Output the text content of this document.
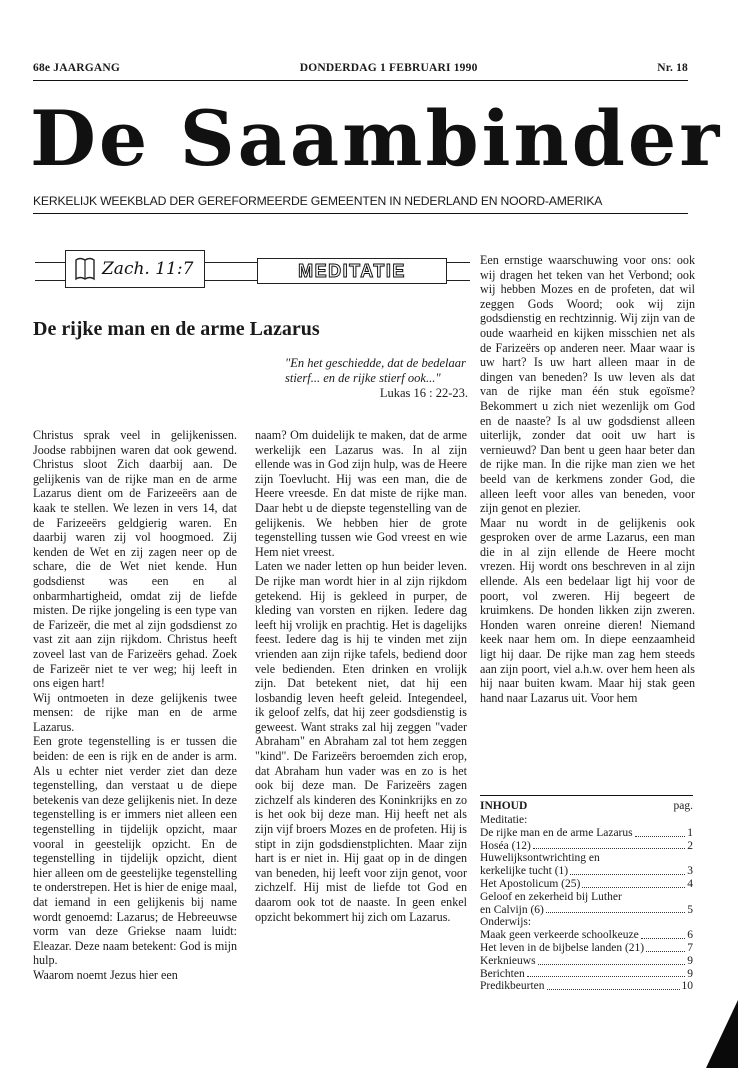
68e JAARGANG	DONDERDAG 1 FEBRUARI 1990	Nr. 18
De Saambinder
KERKELIJK WEEKBLAD DER GEREFORMEERDE GEMEENTEN IN NEDERLAND EN NOORD-AMERIKA
Zach. 11:7	MEDITATIE
De rijke man en de arme Lazarus
"En het geschiedde, dat de bedelaar stierf... en de rijke stierf ook..."
Lukas 16 : 22-23.

Christus sprak veel in gelijkenissen. Joodse rabbijnen waren dat ook gewend. Christus sloot Zich daarbij aan. De gelijkenis van de rijke man en de arme Lazarus dient om de Farizeeërs aan de kaak te stellen. We lezen in vers 14, dat de Farizeeërs geldgierig waren. En daarbij waren zij vol hoogmoed. Zij kenden de Wet en zij zagen neer op de schare, die de Wet niet kende. Hun godsdienst was een en al onbarmhartigheid, omdat zij de liefde misten. De rijke jongeling is een type van de Farizeër, die met al zijn godsdienst zo vast zit aan zijn rijkdom. Christus heeft zoveel last van de Farizeërs gehad. Zoek de Farizeër niet te ver weg; hij leeft in ons eigen hart!

Wij ontmoeten in deze gelijkenis twee mensen: de rijke man en de arme Lazarus.

Een grote tegenstelling is er tussen die beiden: de een is rijk en de ander is arm. Als u echter niet verder ziet dan deze tegenstelling, dan verstaat u de diepe betekenis van deze gelijkenis niet. In deze tegenstelling is er immers niet alleen een tegenstelling in tijdelijk opzicht, maar vooral in geestelijk opzicht. En de tegenstelling in tijdelijk opzicht, dient hier alleen om de geestelijke tegenstelling te onderstrepen. Het is hier de enige maal, dat iemand in een gelijkenis bij name wordt genoemd: Lazarus; de Hebreeuwse vorm van deze Griekse naam luidt: Eleazar. Deze naam betekent: God is mijn hulp.

Waarom noemt Jezus hier een

naam? Om duidelijk te maken, dat de arme werkelijk een Lazarus was. In al zijn ellende was in God zijn hulp, was de Heere zijn Toevlucht. Hij was een man, die de Heere vreesde. En dat miste de rijke man. Daar hebt u de diepste tegenstelling van de gelijkenis. We hebben hier de grote tegenstelling tussen wie God vreest en wie Hem niet vreest.

Laten we nader letten op hun beider leven. De rijke man wordt hier in al zijn rijkdom getekend. Hij is gekleed in purper, de kleding van vorsten en rijken. Iedere dag leeft hij vrolijk en prachtig. Het is dagelijks feest. Iedere dag is hij te vinden met zijn vrienden aan zijn rijke tafels, bediend door vele bedienden. Eten drinken en vrolijk zijn. Dat betekent niet, dat hij een losbandig leven heeft geleid. Integendeel, ik geloof zelfs, dat hij zeer godsdienstig is geweest. Want straks zal hij zeggen "vader Abraham" en Abraham zal tot hem zeggen "kind". De Farizeërs beroemden zich erop, dat Abraham hun vader was en zo is het ook bij deze man. De Farizeërs zagen zichzelf als kinderen des Koninkrijks en zo is het ook bij deze man. Hij heeft net als zijn vijf broers Mozes en de profeten. Hij is stipt in zijn godsdienstplichten. Maar zijn hart is er niet in. Hij gaat op in de dingen van beneden, hij leeft voor zijn genot, voor zichzelf. Hij mist de liefde tot God en daarom ook tot de naaste. In geen enkel opzicht bekommert hij zich om Lazarus.

Een ernstige waarschuwing voor ons: ook wij dragen het teken van het Verbond; ook wij hebben Mozes en de profeten, dat wil zeggen Gods Woord; ook wij zijn godsdienstig en rechtzinnig. Wij zijn van de oude waarheid en kijken misschien net als de Farizeërs op anderen neer. Maar waar is uw hart? Is uw hart alleen maar in de dingen van beneden? Is uw leven als dat van de rijke man één stuk egoïsme? Bekommert u zich niet wezenlijk om God en de naaste? Is al uw godsdienst alleen uiterlijk, zonder dat ooit uw hart is vernieuwd? Dan bent u geen haar beter dan de rijke man. In die rijke man zien we het beeld van de kerkmens zonder God, die alleen leeft voor alles van beneden, voor zijn genot en plezier.

Maar nu wordt in de gelijkenis ook gesproken over de arme Lazarus, een man die in al zijn ellende de Heere mocht vrezen. Hij wordt ons beschreven in al zijn ellende. Als een bedelaar ligt hij voor de poort, vol zweren. Hij begeert de kruimkens. De honden likken zijn zweren. Honden waren onreine dieren! Niemand keek naar hem om. In diepe eenzaamheid ligt hij daar. De rijke man zag hem steeds aan zijn poort, viel a.h.w. over hem heen als hij naar buiten kwam. Maar hij stak geen hand naar Lazarus uit. Voor hem

INHOUD	pag.
Meditatie:
De rijke man en de arme Lazarus	1
Hoséa (12)	2
Huwelijksontwrichting en
kerkelijke tucht (1)	3
Het Apostolicum (25)	4
Geloof en zekerheid bij Luther
en Calvijn (6)	5
Onderwijs:
Maak geen verkeerde schoolkeuze	6
Het leven in de bijbelse landen (21)	7
Kerknieuws	9
Berichten	9
Predikbeurten	10
